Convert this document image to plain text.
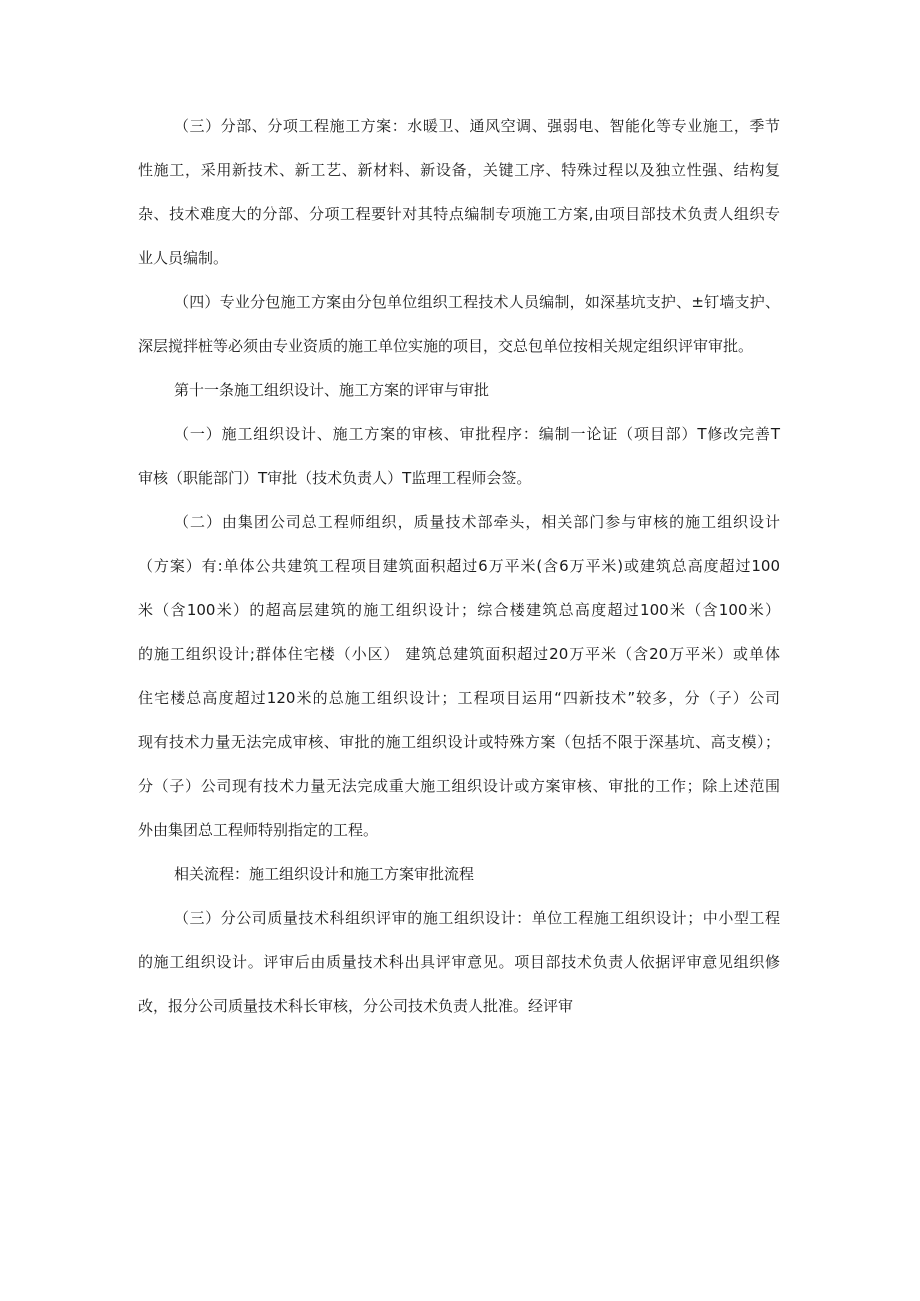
（三）分部、分项工程施工方案：水暖卫、通风空调、强弱电、智能化等专业施工，季节
性施工，采用新技术、新工艺、新材料、新设备，关键工序、特殊过程以及独立性强、结构复
杂、技术难度大的分部、分项工程要针对其特点编制专项施工方案,由项目部技术负责人组织专
业人员编制。
（四）专业分包施工方案由分包单位组织工程技术人员编制，如深基坑支护、±钉墙支护、
深层搅拌桩等必须由专业资质的施工单位实施的项目，交总包单位按相关规定组织评审审批。
第十一条施工组织设计、施工方案的评审与审批
（一）施工组织设计、施工方案的审核、审批程序：编制一论证（项目部）T修改完善T
审核（职能部门）T审批（技术负责人）T监理工程师会签。
（二）由集团公司总工程师组织，质量技术部牵头，相关部门参与审核的施工组织设计
（方案）有:单体公共建筑工程项目建筑面积超过6万平米(含6万平米)或建筑总高度超过100
米（含100米）的超高层建筑的施工组织设计；综合楼建筑总高度超过100米（含100米）
的施工组织设计;群体住宅楼（小区） 建筑总建筑面积超过20万平米（含20万平米）或单体
住宅楼总高度超过120米的总施工组织设计；工程项目运用“四新技术”较多，分（子）公司
现有技术力量无法完成审核、审批的施工组织设计或特殊方案（包括不限于深基坑、高支模）；
分（子）公司现有技术力量无法完成重大施工组织设计或方案审核、审批的工作；除上述范围
外由集团总工程师特别指定的工程。
相关流程：施工组织设计和施工方案审批流程
（三）分公司质量技术科组织评审的施工组织设计：单位工程施工组织设计；中小型工程
的施工组织设计。评审后由质量技术科出具评审意见。项目部技术负责人依据评审意见组织修
改，报分公司质量技术科长审核，分公司技术负责人批准。经评审
